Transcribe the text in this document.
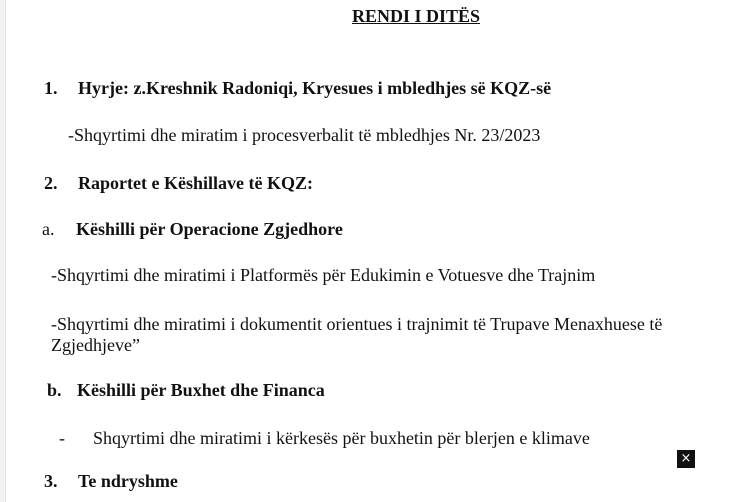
RENDI I DITËS
1. Hyrje: z.Kreshnik Radoniqi, Kryesues i mbledhjes së KQZ-së
-Shqyrtimi dhe miratim i procesverbalit të mbledhjes Nr. 23/2023
2. Raportet e Këshillave të KQZ:
a. Këshilli për Operacione Zgjedhore
-Shqyrtimi dhe miratimi i Platformës për Edukimin e Votuesve dhe Trajnim
-Shqyrtimi dhe miratimi i dokumentit orientues i trajnimit të Trupave Menaxhuese të
Zgjedhjeve”
b. Këshilli për Buxhet dhe Financa
- Shqyrtimi dhe miratimi i kërkesës për buxhetin për blerjen e klimave
3. Te ndryshme
×
